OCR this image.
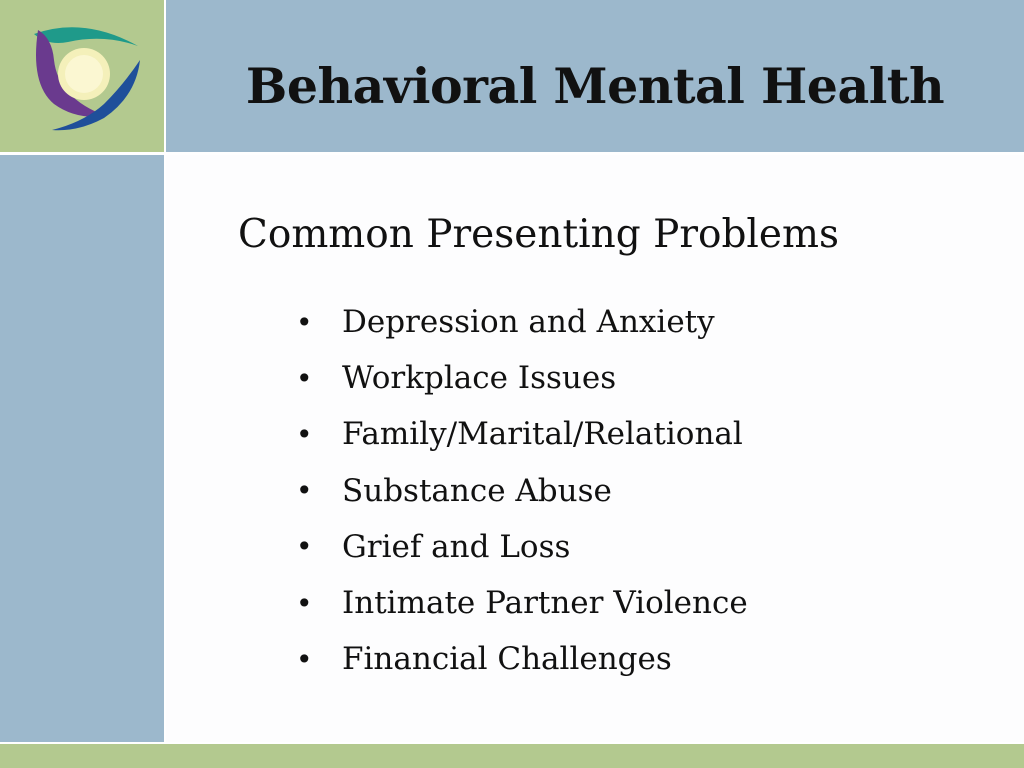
Behavioral Mental Health
Common Presenting Problems
• Depression and Anxiety
• Workplace Issues
• Family/Marital/Relational
• Substance Abuse
• Grief and Loss
• Intimate Partner Violence
• Financial Challenges
